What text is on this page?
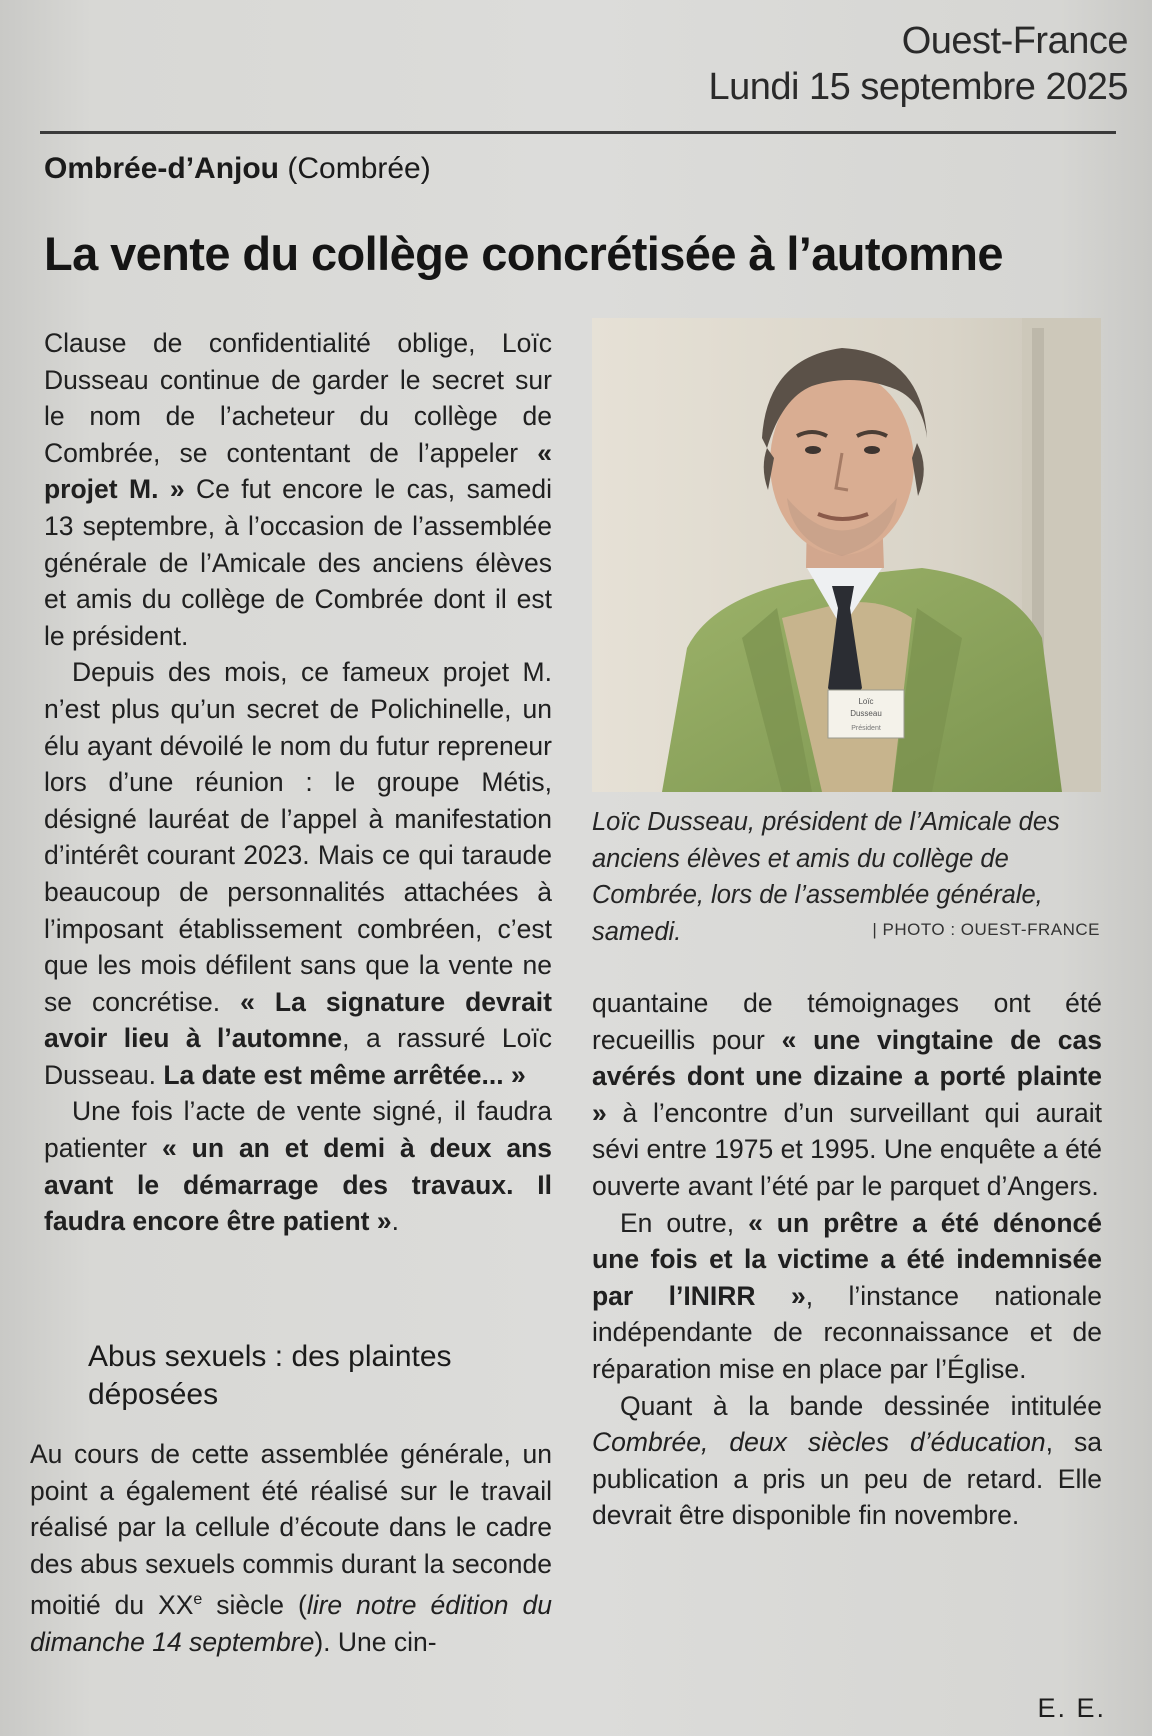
Ouest-France
Lundi 15 septembre 2025
Ombrée-d’Anjou (Combrée)
La vente du collège concrétisée à l’automne

Clause de confidentialité oblige, Loïc Dusseau continue de garder le secret sur le nom de l’acheteur du collège de Combrée, se contentant de l’appeler « projet M. » Ce fut encore le cas, samedi 13 septembre, à l’occasion de l’assemblée générale de l’Amicale des anciens élèves et amis du collège de Combrée dont il est le président.

Depuis des mois, ce fameux projet M. n’est plus qu’un secret de Polichinelle, un élu ayant dévoilé le nom du futur repreneur lors d’une réunion : le groupe Métis, désigné lauréat de l’appel à manifestation d’intérêt courant 2023. Mais ce qui taraude beaucoup de personnalités attachées à l’imposant établissement combréen, c’est que les mois défilent sans que la vente ne se concrétise. « La signature devrait avoir lieu à l’automne, a rassuré Loïc Dusseau. La date est même arrêtée... »

Une fois l’acte de vente signé, il faudra patienter « un an et demi à deux ans avant le démarrage des travaux. Il faudra encore être patient ».

Abus sexuels : des plaintes déposées

Au cours de cette assemblée générale, un point a également été réalisé sur le travail réalisé par la cellule d’écoute dans le cadre des abus sexuels commis durant la seconde moitié du XXe siècle (lire notre édition du dimanche 14 septembre). Une cin-

Loïc
Dusseau
Président
Loïc Dusseau, président de l’Amicale des anciens élèves et amis du collège de Combrée, lors de l’assemblée générale, samedi.	| PHOTO : OUEST-FRANCE

quantaine de témoignages ont été recueillis pour « une vingtaine de cas avérés dont une dizaine a porté plainte » à l’encontre d’un surveillant qui aurait sévi entre 1975 et 1995. Une enquête a été ouverte avant l’été par le parquet d’Angers.

En outre, « un prêtre a été dénoncé une fois et la victime a été indemnisée par l’INIRR », l’instance nationale indépendante de reconnaissance et de réparation mise en place par l’Église.

Quant à la bande dessinée intitulée Combrée, deux siècles d’éducation, sa publication a pris un peu de retard. Elle devrait être disponible fin novembre.

E. E.
